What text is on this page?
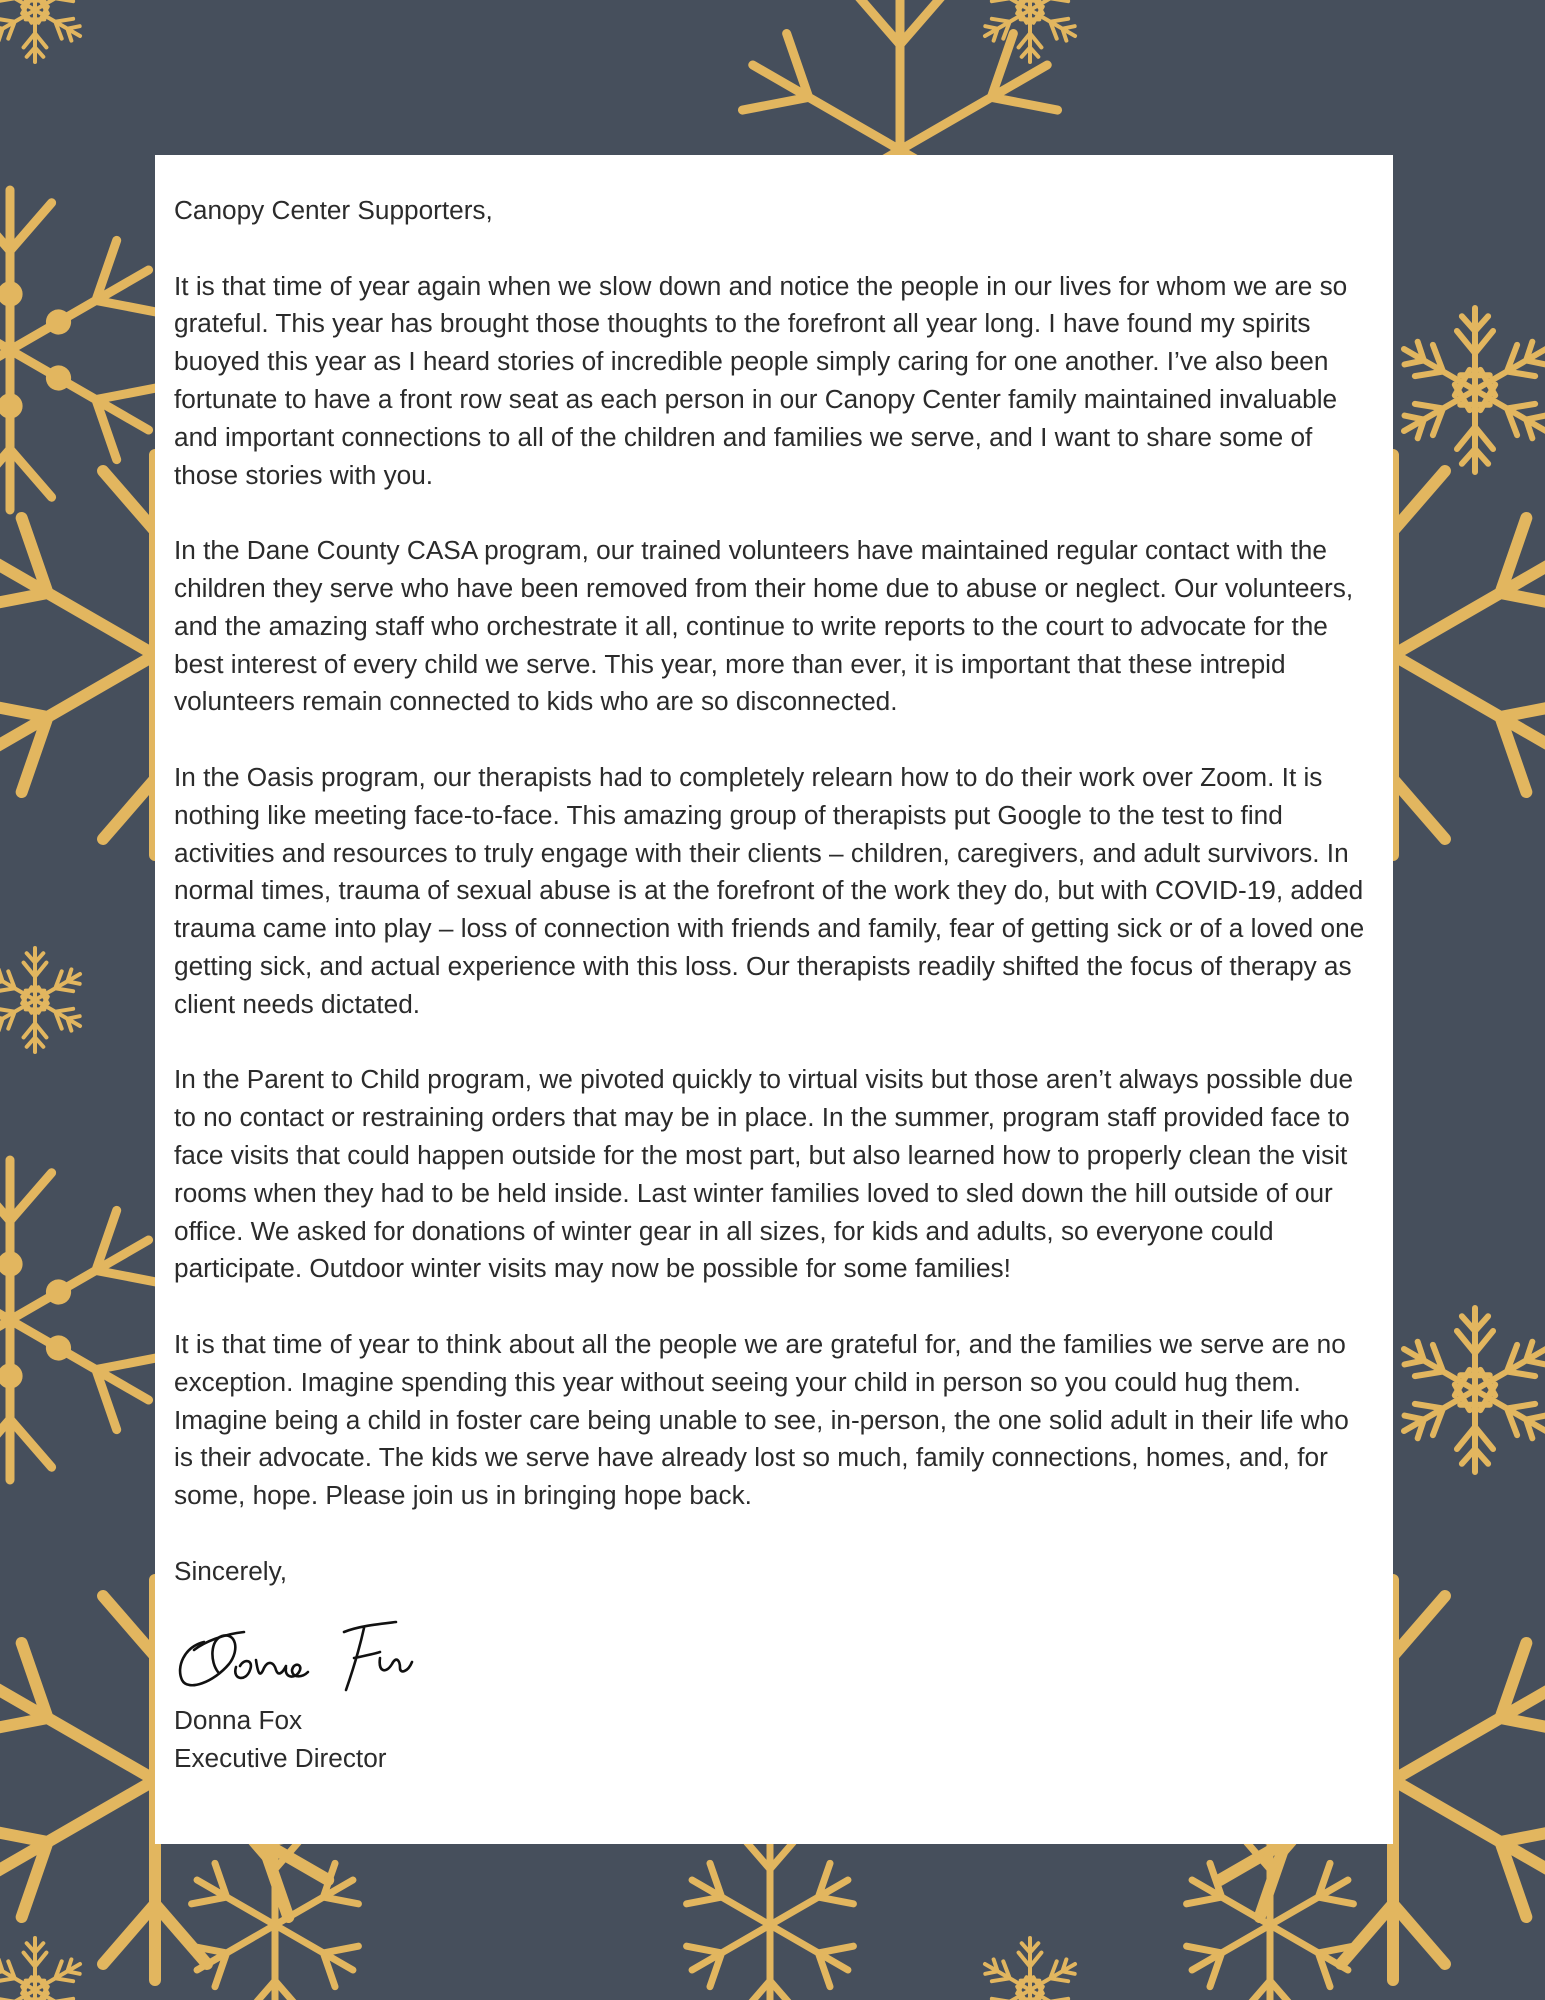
Canopy Center Supporters,

It is that time of year again when we slow down and notice the people in our lives for whom we are so grateful. This year has brought those thoughts to the forefront all year long. I have found my spirits buoyed this year as I heard stories of incredible people simply caring for one another. I’ve also been fortunate to have a front row seat as each person in our Canopy Center family maintained invaluable and important connections to all of the children and families we serve, and I want to share some of those stories with you.

In the Dane County CASA program, our trained volunteers have maintained regular contact with the children they serve who have been removed from their home due to abuse or neglect. Our volunteers, and the amazing staff who orchestrate it all, continue to write reports to the court to advocate for the best interest of every child we serve. This year, more than ever, it is important that these intrepid volunteers remain connected to kids who are so disconnected.

In the Oasis program, our therapists had to completely relearn how to do their work over Zoom. It is nothing like meeting face-to-face. This amazing group of therapists put Google to the test to find activities and resources to truly engage with their clients – children, caregivers, and adult survivors. In normal times, trauma of sexual abuse is at the forefront of the work they do, but with COVID-19, added trauma came into play – loss of connection with friends and family, fear of getting sick or of a loved one getting sick, and actual experience with this loss. Our therapists readily shifted the focus of therapy as client needs dictated.

In the Parent to Child program, we pivoted quickly to virtual visits but those aren’t always possible due to no contact or restraining orders that may be in place. In the summer, program staff provided face to face visits that could happen outside for the most part, but also learned how to properly clean the visit rooms when they had to be held inside. Last winter families loved to sled down the hill outside of our office. We asked for donations of winter gear in all sizes, for kids and adults, so everyone could participate. Outdoor winter visits may now be possible for some families!

It is that time of year to think about all the people we are grateful for, and the families we serve are no exception. Imagine spending this year without seeing your child in person so you could hug them. Imagine being a child in foster care being unable to see, in-person, the one solid adult in their life who is their advocate. The kids we serve have already lost so much, family connections, homes, and, for some, hope. Please join us in bringing hope back.

Sincerely,

Donna Fox
Executive Director
